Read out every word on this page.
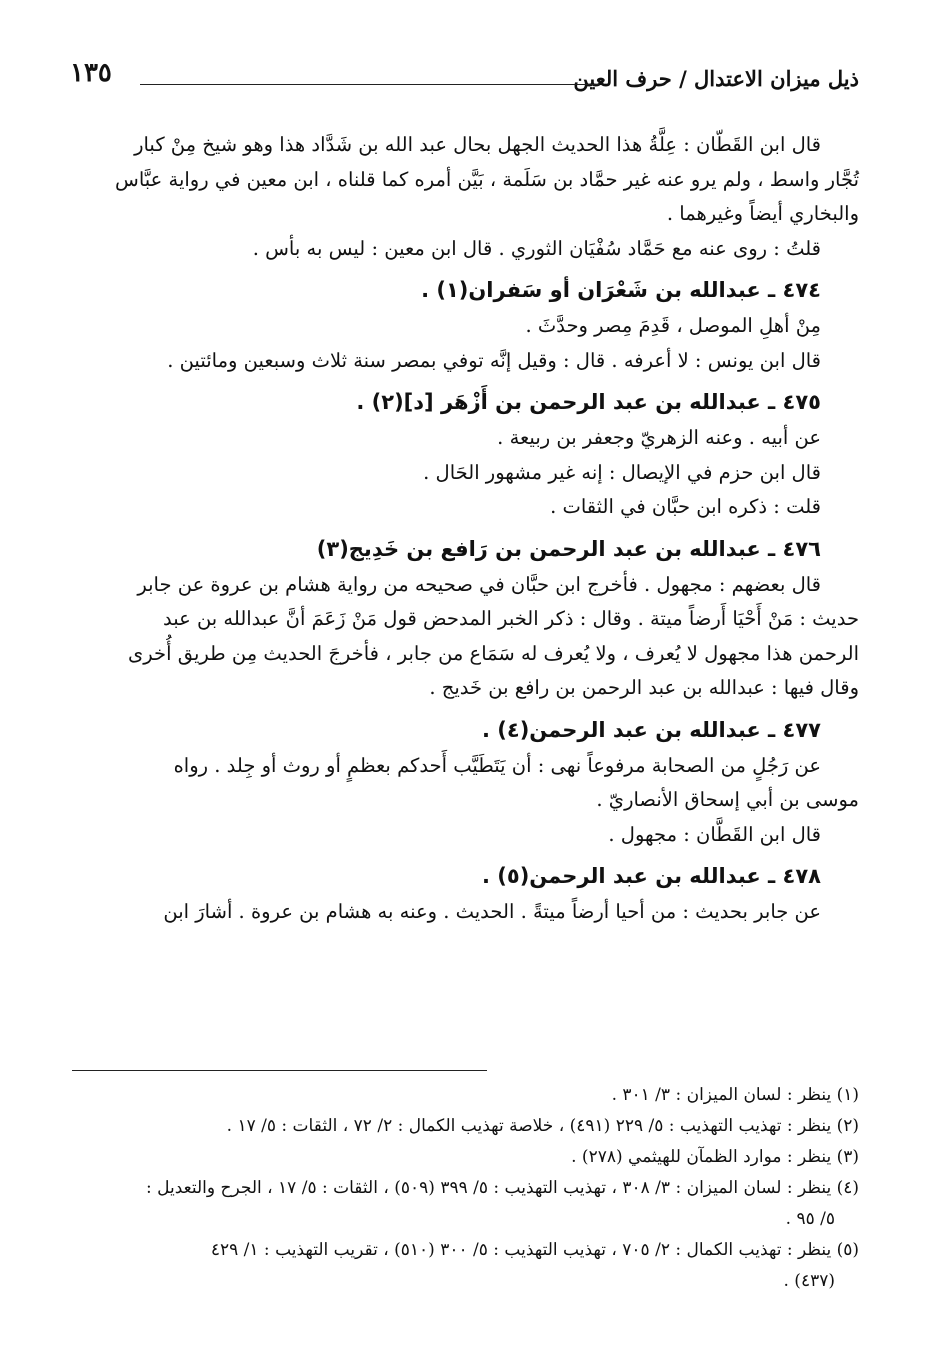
ذيل ميزان الاعتدال / حرف العين
١٣٥

قال ابن القَطّان : عِلَّةُ هذا الحديث الجهل بحال عبد الله بن شَدَّاد هذا وهو شيخ مِنْ كبار

تُجَّار واسط ، ولم يرو عنه غير حمَّاد بن سَلَمة ، بَيَّن أمره كما قلناه ، ابن معين في رواية عبَّاس

والبخاري أيضاً وغيرهما .

قلتُ : روى عنه مع حَمَّاد سُفْيَان الثوري . قال ابن معين : ليس به بأس .

٤٧٤ ـ عبدالله بن شَعْرَان أو سَفران(١) .

مِنْ أهلِ الموصل ، قَدِمَ مِصر وحدَّثَ .

قال ابن يونس : لا أعرفه . قال : وقيل إنَّه توفي بمصر سنة ثلاث وسبعين ومائتين .

٤٧٥ ـ عبدالله بن عبد الرحمن بن أَزْهَر [د](٢) .

عن أبيه . وعنه الزهريّ وجعفر بن ربيعة .

قال ابن حزم في الإيصال : إنه غير مشهور الحَال .

قلت : ذكره ابن حبَّان في الثقات .

٤٧٦ ـ عبدالله بن عبد الرحمن بن رَافع بن خَدِيج(٣)

قال بعضهم : مجهول . فأخرج ابن حبَّان في صحيحه من رواية هشام بن عروة عن جابر

حديث : مَنْ أَحْيَا أَرضاً ميتة . وقال : ذكر الخبر المدحض قول مَنْ زَعَمَ أنَّ عبدالله بن عبد

الرحمن هذا مجهول لا يُعرف ، ولا يُعرف له سَمَاع من جابر ، فأخرجَ الحديث مِن طريق أُخرى

وقال فيها : عبدالله بن عبد الرحمن بن رافع بن خَديج .

٤٧٧ ـ عبدالله بن عبد الرحمن(٤) .

عن رَجُلٍ من الصحابة مرفوعاً نهى : أن يَتَطَيَّب أَحدكم بعظمٍ أو روث أو جِلد . رواه

موسى بن أبي إسحاق الأنصاريّ .

قال ابن القَطَّان : مجهول .

٤٧٨ ـ عبدالله بن عبد الرحمن(٥) .

عن جابر بحديث : من أحيا أرضاً ميتةً . الحديث . وعنه به هشام بن عروة . أشارَ ابن

(١) ينظر : لسان الميزان : ٣/ ٣٠١ .

(٢) ينظر : تهذيب التهذيب : ٥/ ٢٢٩ (٤٩١) ، خلاصة تهذيب الكمال : ٢/ ٧٢ ، الثقات : ٥/ ١٧ .

(٣) ينظر : موارد الظمآن للهيثمي (٢٧٨) .

(٤) ينظر : لسان الميزان : ٣/ ٣٠٨ ، تهذيب التهذيب : ٥/ ٣٩٩ (٥٠٩) ، الثقات : ٥/ ١٧ ، الجرح والتعديل :

٥/ ٩٥ .

(٥) ينظر : تهذيب الكمال : ٢/ ٧٠٥ ، تهذيب التهذيب : ٥/ ٣٠٠ (٥١٠) ، تقريب التهذيب : ١/ ٤٢٩

(٤٣٧) .
